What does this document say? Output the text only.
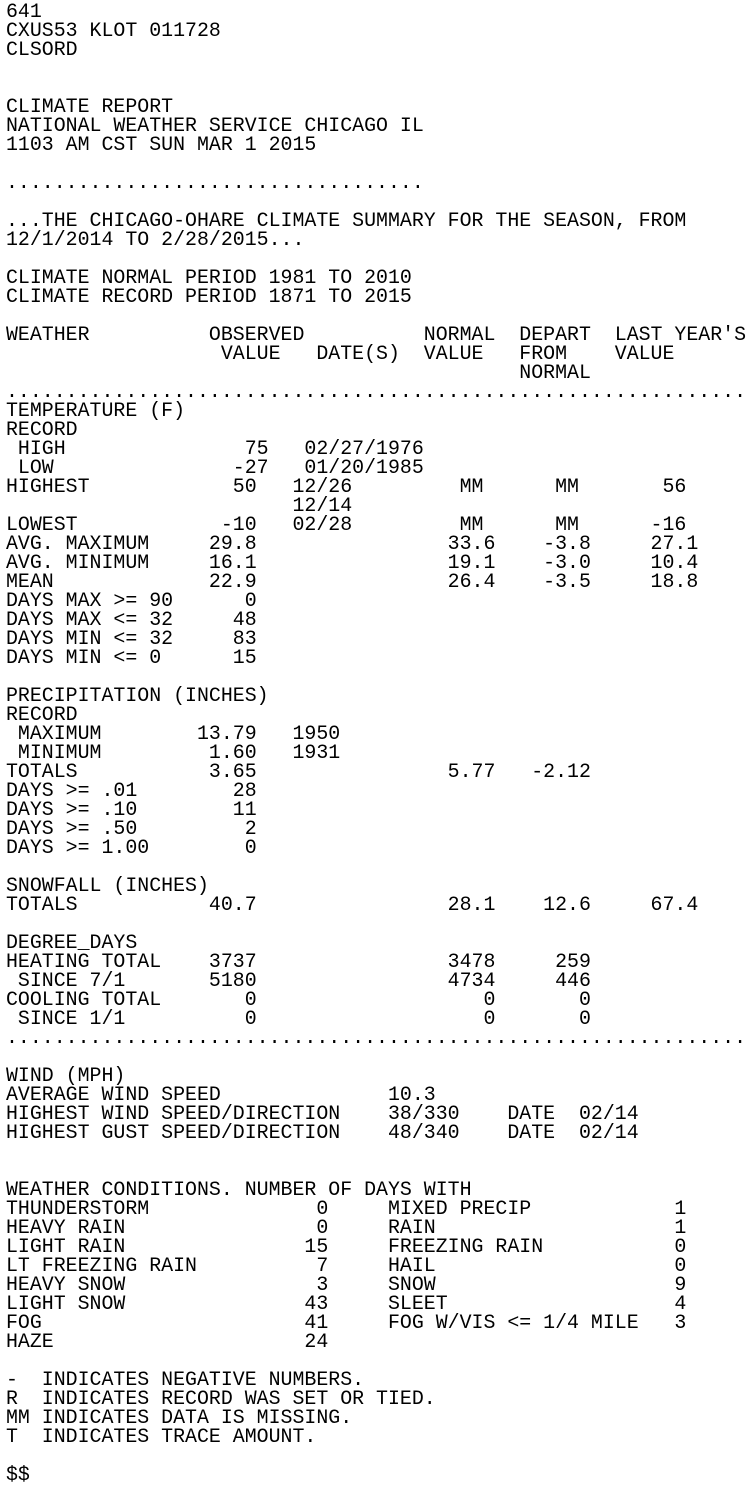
641
CXUS53 KLOT 011728
CLSORD
CLIMATE REPORT
NATIONAL WEATHER SERVICE CHICAGO IL
1103 AM CST SUN MAR 1 2015
...................................
...THE CHICAGO-OHARE CLIMATE SUMMARY FOR THE SEASON, FROM
12/1/2014 TO 2/28/2015...
CLIMATE NORMAL PERIOD 1981 TO 2010
CLIMATE RECORD PERIOD 1871 TO 2015
WEATHER          OBSERVED          NORMAL  DEPART  LAST YEAR'S
VALUE   DATE(S)  VALUE   FROM    VALUE
NORMAL
..............................................................
TEMPERATURE (F)
RECORD
HIGH               75   02/27/1976
LOW               -27   01/20/1985
HIGHEST            50   12/26         MM      MM       56
12/14
LOWEST            -10   02/28         MM      MM      -16
AVG. MAXIMUM     29.8                33.6    -3.8     27.1
AVG. MINIMUM     16.1                19.1    -3.0     10.4
MEAN             22.9                26.4    -3.5     18.8
DAYS MAX >= 90      0
DAYS MAX <= 32     48
DAYS MIN <= 32     83
DAYS MIN <= 0      15
PRECIPITATION (INCHES)
RECORD
MAXIMUM        13.79   1950
MINIMUM         1.60   1931
TOTALS           3.65                5.77   -2.12
DAYS >= .01        28
DAYS >= .10        11
DAYS >= .50         2
DAYS >= 1.00        0
SNOWFALL (INCHES)
TOTALS           40.7                28.1    12.6     67.4
DEGREE_DAYS
HEATING TOTAL    3737                3478     259
SINCE 7/1       5180                4734     446
COOLING TOTAL       0                   0       0
SINCE 1/1          0                   0       0
..............................................................
WIND (MPH)
AVERAGE WIND SPEED              10.3
HIGHEST WIND SPEED/DIRECTION    38/330    DATE  02/14
HIGHEST GUST SPEED/DIRECTION    48/340    DATE  02/14
WEATHER CONDITIONS. NUMBER OF DAYS WITH
THUNDERSTORM              0     MIXED PRECIP            1
HEAVY RAIN                0     RAIN                    1
LIGHT RAIN               15     FREEZING RAIN           0
LT FREEZING RAIN          7     HAIL                    0
HEAVY SNOW                3     SNOW                    9
LIGHT SNOW               43     SLEET                   4
FOG                      41     FOG W/VIS <= 1/4 MILE   3
HAZE                     24
-  INDICATES NEGATIVE NUMBERS.
R  INDICATES RECORD WAS SET OR TIED.
MM INDICATES DATA IS MISSING.
T  INDICATES TRACE AMOUNT.
$$
